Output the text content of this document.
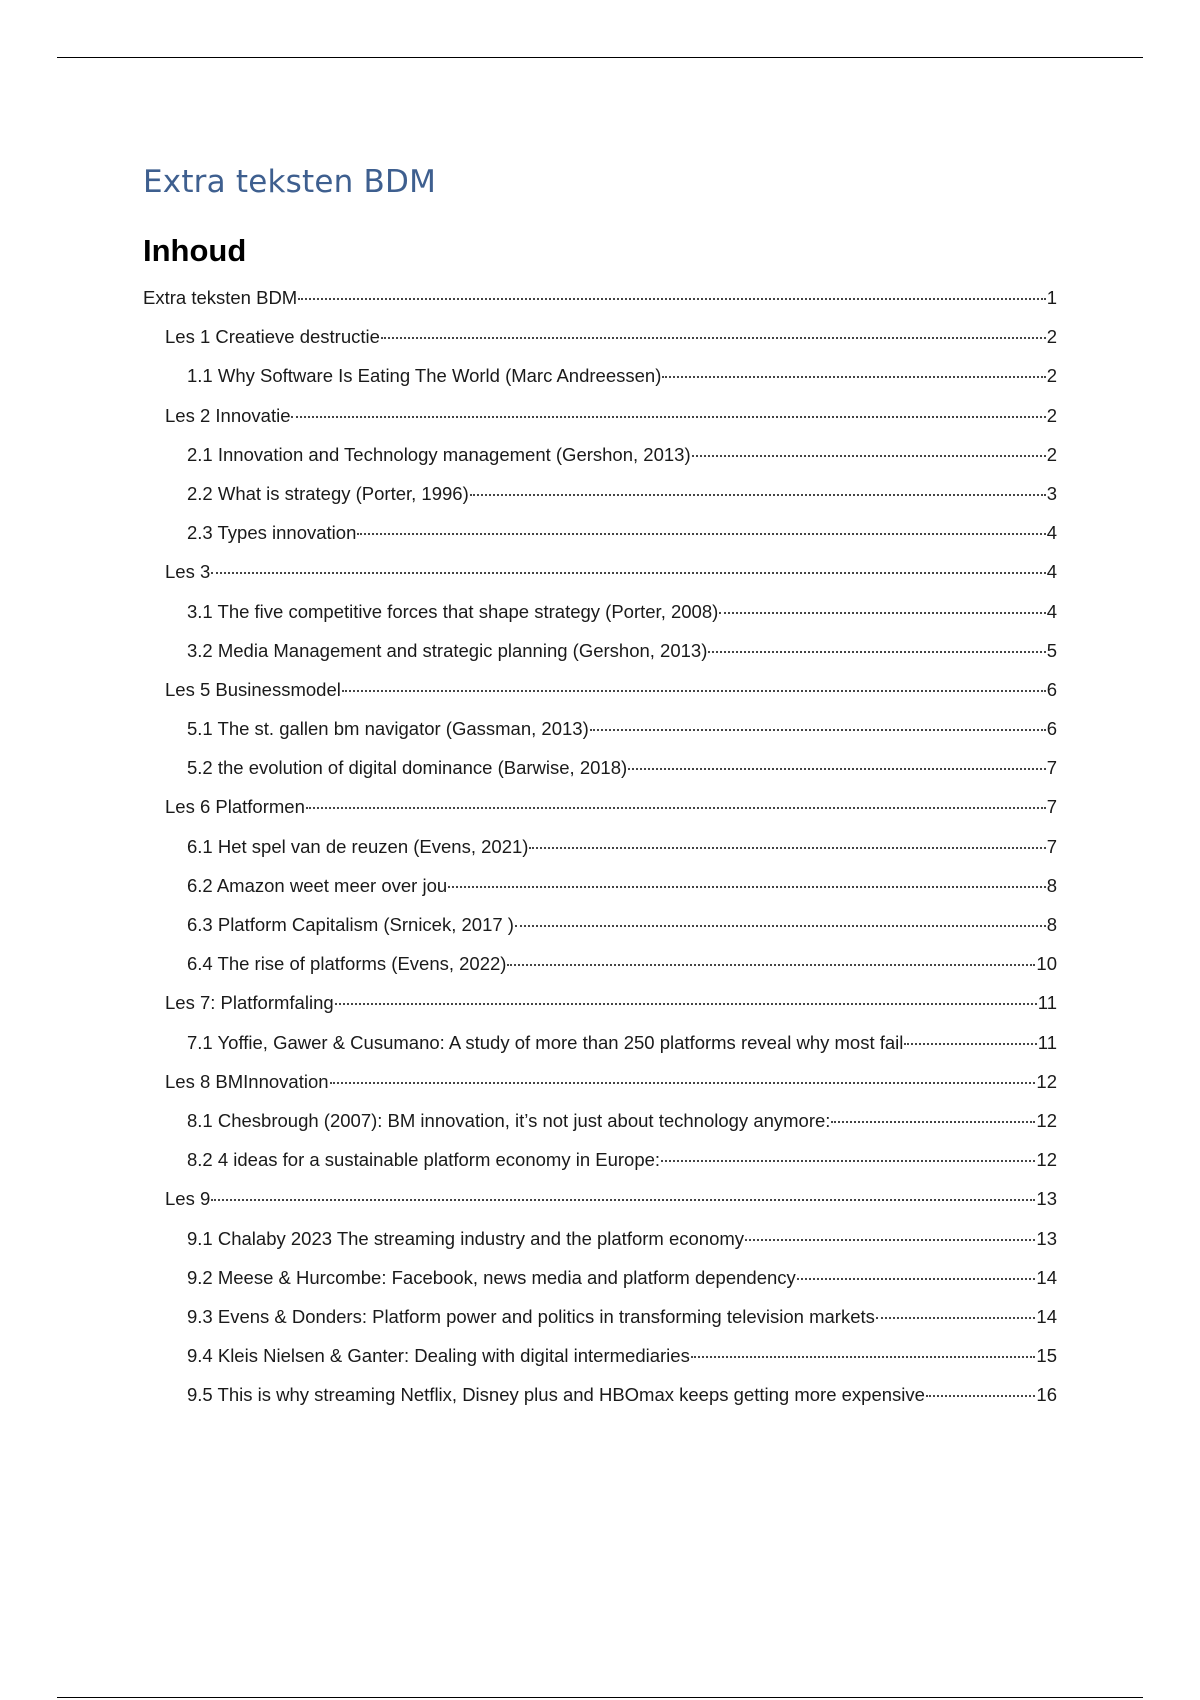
Extra teksten BDM
Inhoud
Extra teksten BDM	1
Les 1 Creatieve destructie	2
1.1 Why Software Is Eating The World (Marc Andreessen)	2
Les 2 Innovatie	2
2.1 Innovation and Technology management (Gershon, 2013)	2
2.2 What is strategy (Porter, 1996)	3
2.3 Types innovation	4
Les 3	4
3.1 The five competitive forces that shape strategy (Porter, 2008)	4
3.2 Media Management and strategic planning (Gershon, 2013)	5
Les 5 Businessmodel	6
5.1 The st. gallen bm navigator (Gassman, 2013)	6
5.2 the evolution of digital dominance (Barwise, 2018)	7
Les 6 Platformen	7
6.1 Het spel van de reuzen (Evens, 2021)	7
6.2 Amazon weet meer over jou	8
6.3 Platform Capitalism (Srnicek, 2017 )	8
6.4 The rise of platforms (Evens, 2022)	10
Les 7: Platformfaling	11
7.1 Yoffie, Gawer & Cusumano: A study of more than 250 platforms reveal why most fail	11
Les 8 BMInnovation	12
8.1 Chesbrough (2007): BM innovation, it’s not just about technology anymore:	12
8.2 4 ideas for a sustainable platform economy in Europe:	12
Les 9	13
9.1 Chalaby 2023 The streaming industry and the platform economy	13
9.2 Meese & Hurcombe: Facebook, news media and platform dependency	14
9.3 Evens & Donders: Platform power and politics in transforming television markets	14
9.4 Kleis Nielsen & Ganter: Dealing with digital intermediaries	15
9.5 This is why streaming Netflix, Disney plus and HBOmax keeps getting more expensive	16
